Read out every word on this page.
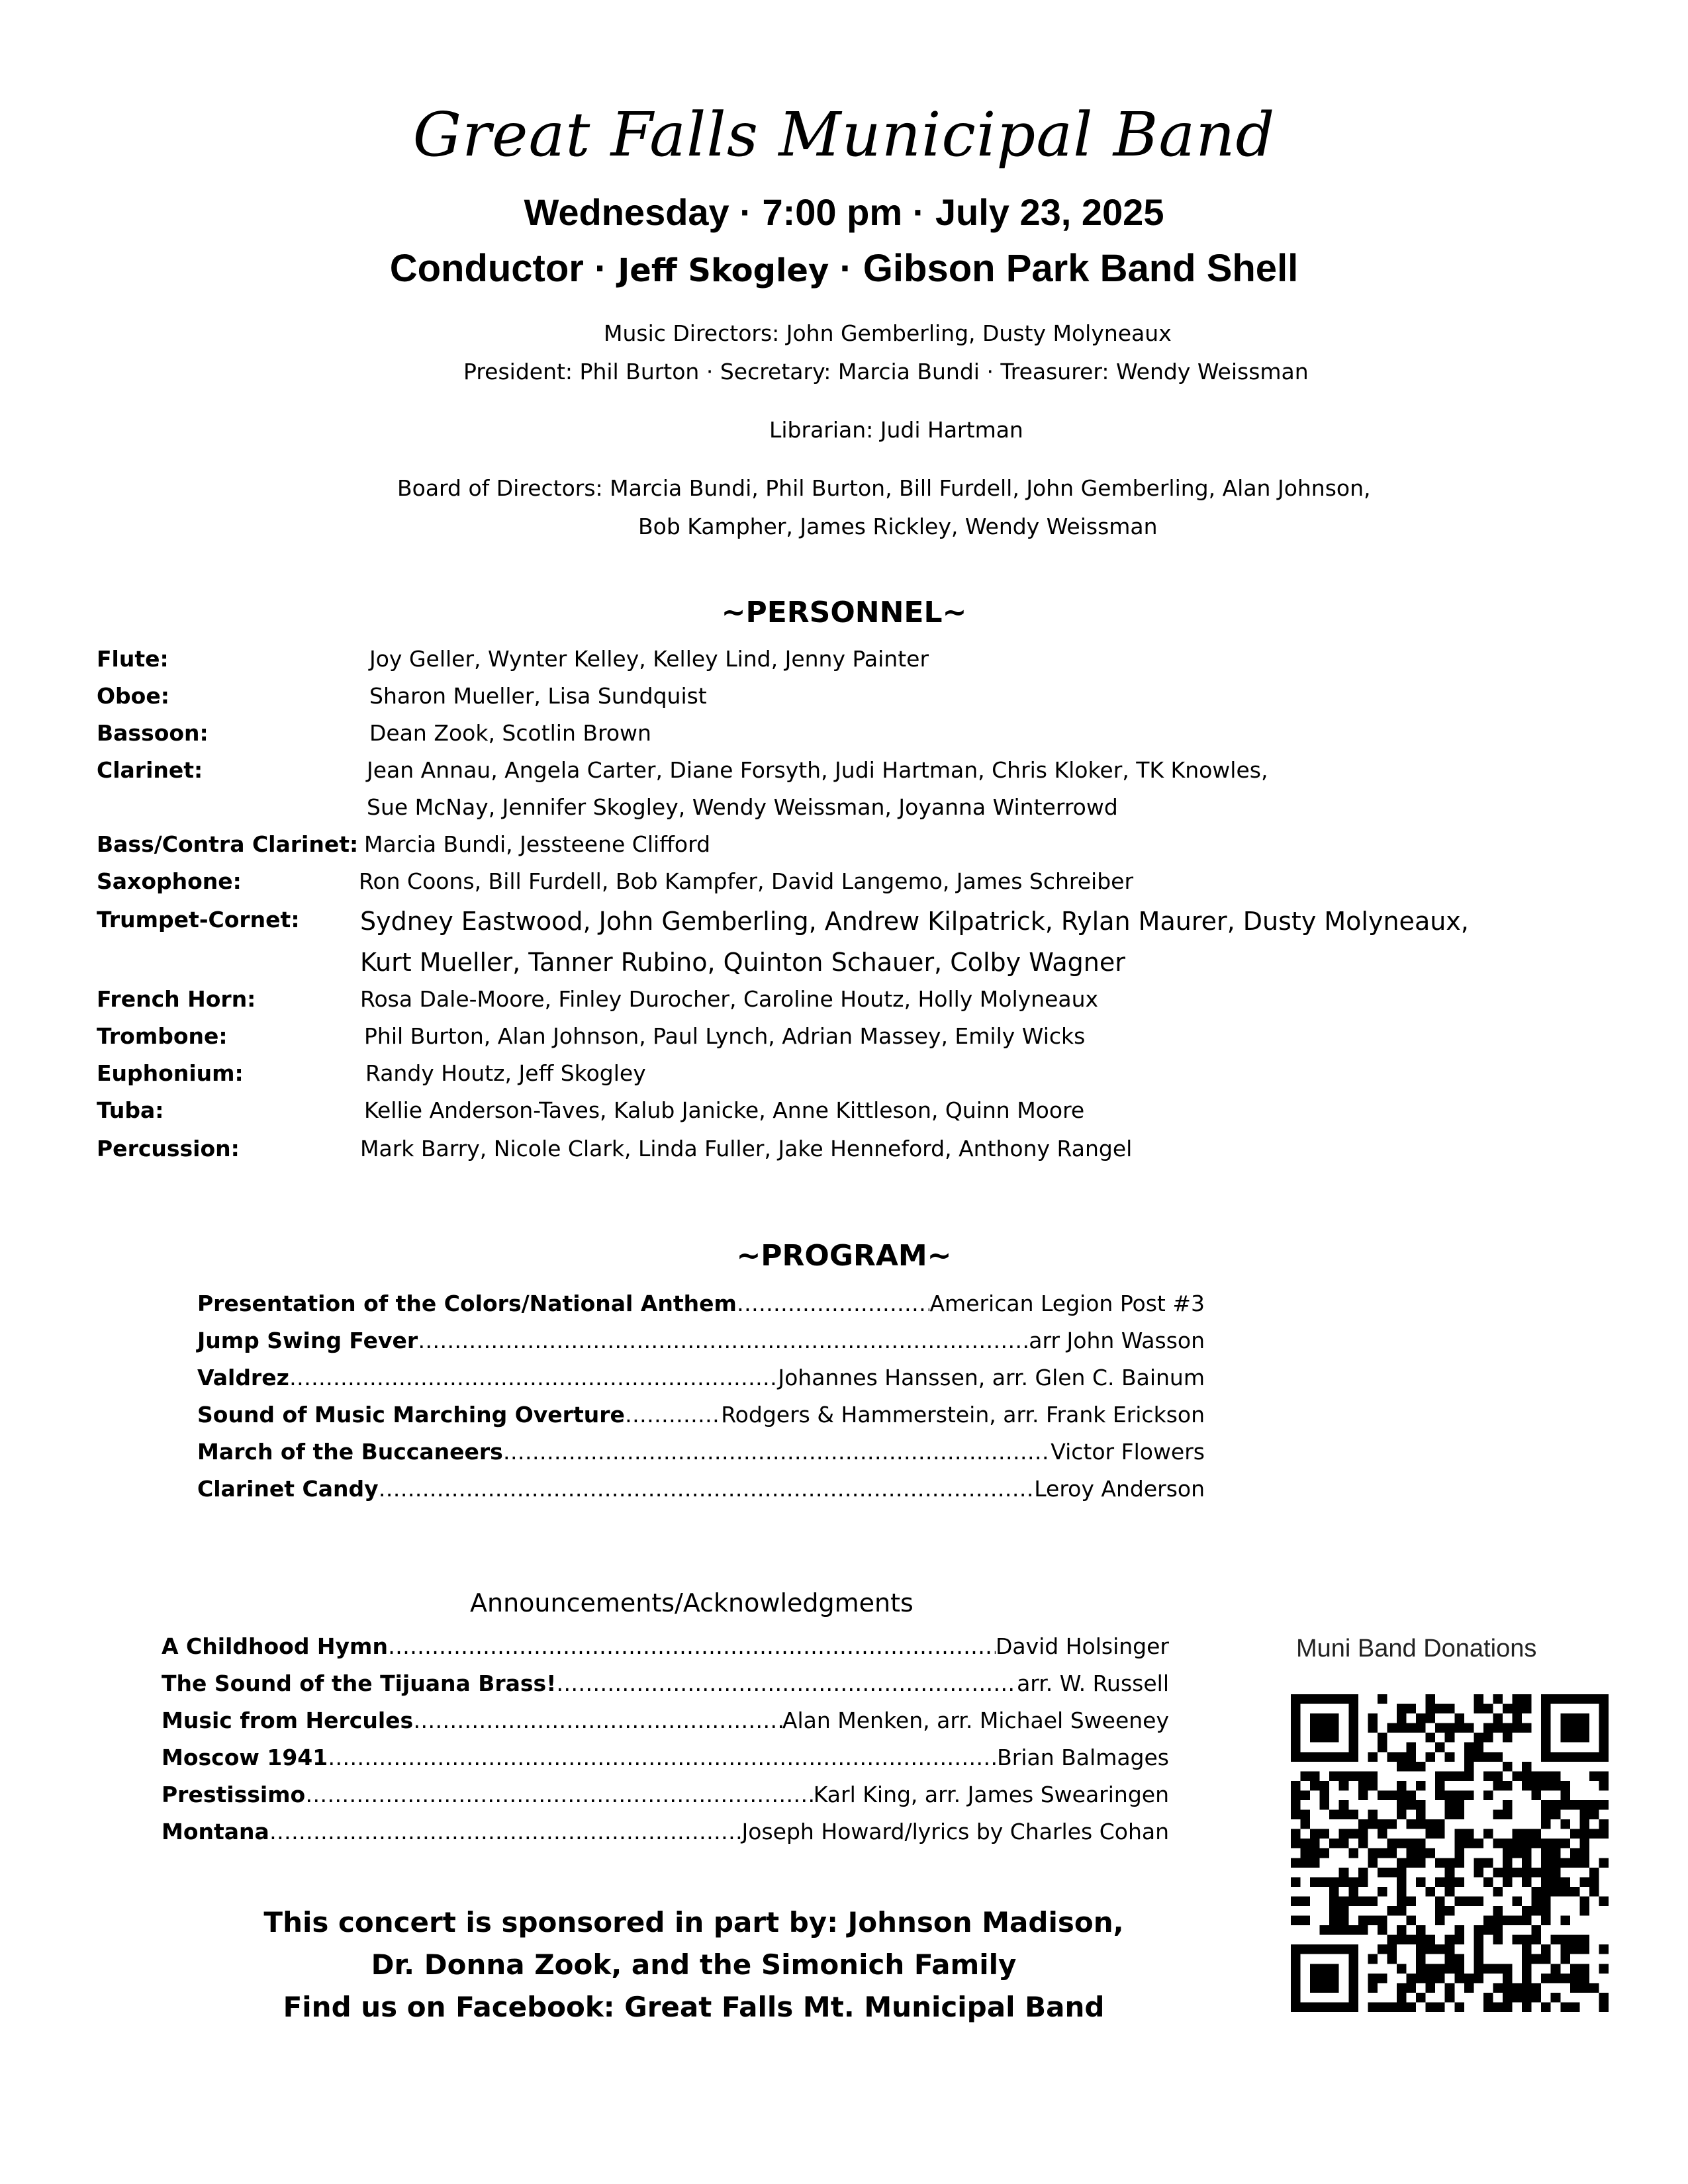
Great Falls Municipal Band
Wednesday · 7:00 pm · July 23, 2025
Conductor · Jeff Skogley · Gibson Park Band Shell
Music Directors: John Gemberling, Dusty Molyneaux
President: Phil Burton · Secretary: Marcia Bundi · Treasurer: Wendy Weissman
Librarian: Judi Hartman
Board of Directors: Marcia Bundi, Phil Burton, Bill Furdell, John Gemberling, Alan Johnson,
Bob Kampher, James Rickley, Wendy Weissman
~PERSONNEL~
Flute:	Joy Geller, Wynter Kelley, Kelley Lind, Jenny Painter
Oboe:	Sharon Mueller, Lisa Sundquist
Bassoon:	Dean Zook, Scotlin Brown
Clarinet:	Jean Annau, Angela Carter, Diane Forsyth, Judi Hartman, Chris Kloker, TK Knowles,
Sue McNay, Jennifer Skogley, Wendy Weissman, Joyanna Winterrowd
Bass/Contra Clarinet: Marcia Bundi, Jessteene Clifford
Saxophone:	Ron Coons, Bill Furdell, Bob Kampfer, David Langemo, James Schreiber
Trumpet-Cornet: Sydney Eastwood, John Gemberling, Andrew Kilpatrick, Rylan Maurer, Dusty Molyneaux,
Kurt Mueller, Tanner Rubino, Quinton Schauer, Colby Wagner
French Horn:	Rosa Dale-Moore, Finley Durocher, Caroline Houtz, Holly Molyneaux
Trombone:	Phil Burton, Alan Johnson, Paul Lynch, Adrian Massey, Emily Wicks
Euphonium:	Randy Houtz, Jeff Skogley
Tuba:	Kellie Anderson-Taves, Kalub Janicke, Anne Kittleson, Quinn Moore
Percussion:	Mark Barry, Nicole Clark, Linda Fuller, Jake Henneford, Anthony Rangel
~PROGRAM~
Presentation of the Colors/National Anthem ……………………………………………………………………………………………………………………………………………………………………………………………………………………………………………………	American Legion Post #3
Jump Swing Fever ……………………………………………………………………………………………………………………………………………………………………………………………………………………………………………………	arr John Wasson
Valdrez ……………………………………………………………………………………………………………………………………………………………………………………………………………………………………………………	Johannes Hanssen, arr. Glen C. Bainum
Sound of Music Marching Overture ……………………………………………………………………………………………………………………………………………………………………………………………………………………………………………………	Rodgers & Hammerstein, arr. Frank Erickson
March of the Buccaneers ……………………………………………………………………………………………………………………………………………………………………………………………………………………………………………………	Victor Flowers
Clarinet Candy ……………………………………………………………………………………………………………………………………………………………………………………………………………………………………………………	Leroy Anderson
Announcements/Acknowledgments
A Childhood Hymn ……………………………………………………………………………………………………………………………………………………………………………………………………………………………………………………	David Holsinger
The Sound of the Tijuana Brass! ……………………………………………………………………………………………………………………………………………………………………………………………………………………………………………………	arr. W. Russell
Music from Hercules ……………………………………………………………………………………………………………………………………………………………………………………………………………………………………………………	Alan Menken, arr. Michael Sweeney
Moscow 1941 ……………………………………………………………………………………………………………………………………………………………………………………………………………………………………………………	Brian Balmages
Prestissimo ……………………………………………………………………………………………………………………………………………………………………………………………………………………………………………………	Karl King, arr. James Swearingen
Montana ……………………………………………………………………………………………………………………………………………………………………………………………………………………………………………………	Joseph Howard/lyrics by Charles Cohan
This concert is sponsored in part by: Johnson Madison,
Dr. Donna Zook, and the Simonich Family
Find us on Facebook: Great Falls Mt. Municipal Band
Muni Band Donations
